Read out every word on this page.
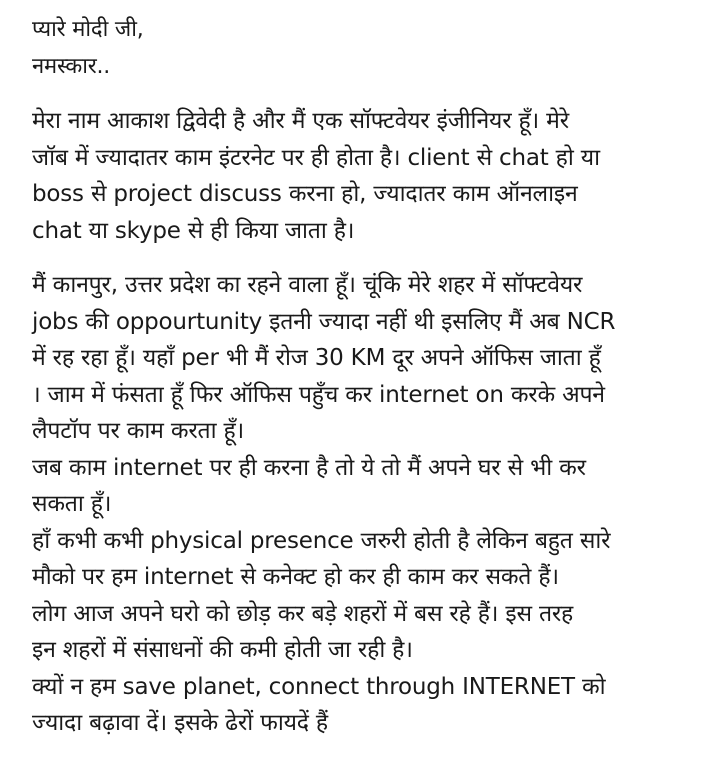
प्यारे मोदी जी,
नमस्कार..
मेरा नाम आकाश द्विवेदी है और मैं एक सॉफ्टवेयर इंजीनियर हूँ। मेरे
जॉब में ज्यादातर काम इंटरनेट पर ही होता है। client से chat हो या
boss से project discuss करना हो, ज्यादातर काम ऑनलाइन
chat या skype से ही किया जाता है।
मैं कानपुर, उत्तर प्रदेश का रहने वाला हूँ। चूंकि मेरे शहर में सॉफ्टवेयर
jobs की oppourtunity इतनी ज्यादा नहीं थी इसलिए मैं अब NCR
में रह रहा हूँ। यहाँ per भी मैं रोज 30 KM दूर अपने ऑफिस जाता हूँ
। जाम में फंसता हूँ फिर ऑफिस पहुँच कर internet on करके अपने
लैपटॉप पर काम करता हूँ।
जब काम internet पर ही करना है तो ये तो मैं अपने घर से भी कर
सकता हूँ।
हाँ कभी कभी physical presence जरुरी होती है लेकिन बहुत सारे
मौको पर हम internet से कनेक्ट हो कर ही काम कर सकते हैं।
लोग आज अपने घरो को छोड़ कर बड़े शहरों में बस रहे हैं। इस तरह
इन शहरों में संसाधनों की कमी होती जा रही है।
क्यों न हम save planet, connect through INTERNET को
ज्यादा बढ़ावा दें। इसके ढेरों फायदें हैं
